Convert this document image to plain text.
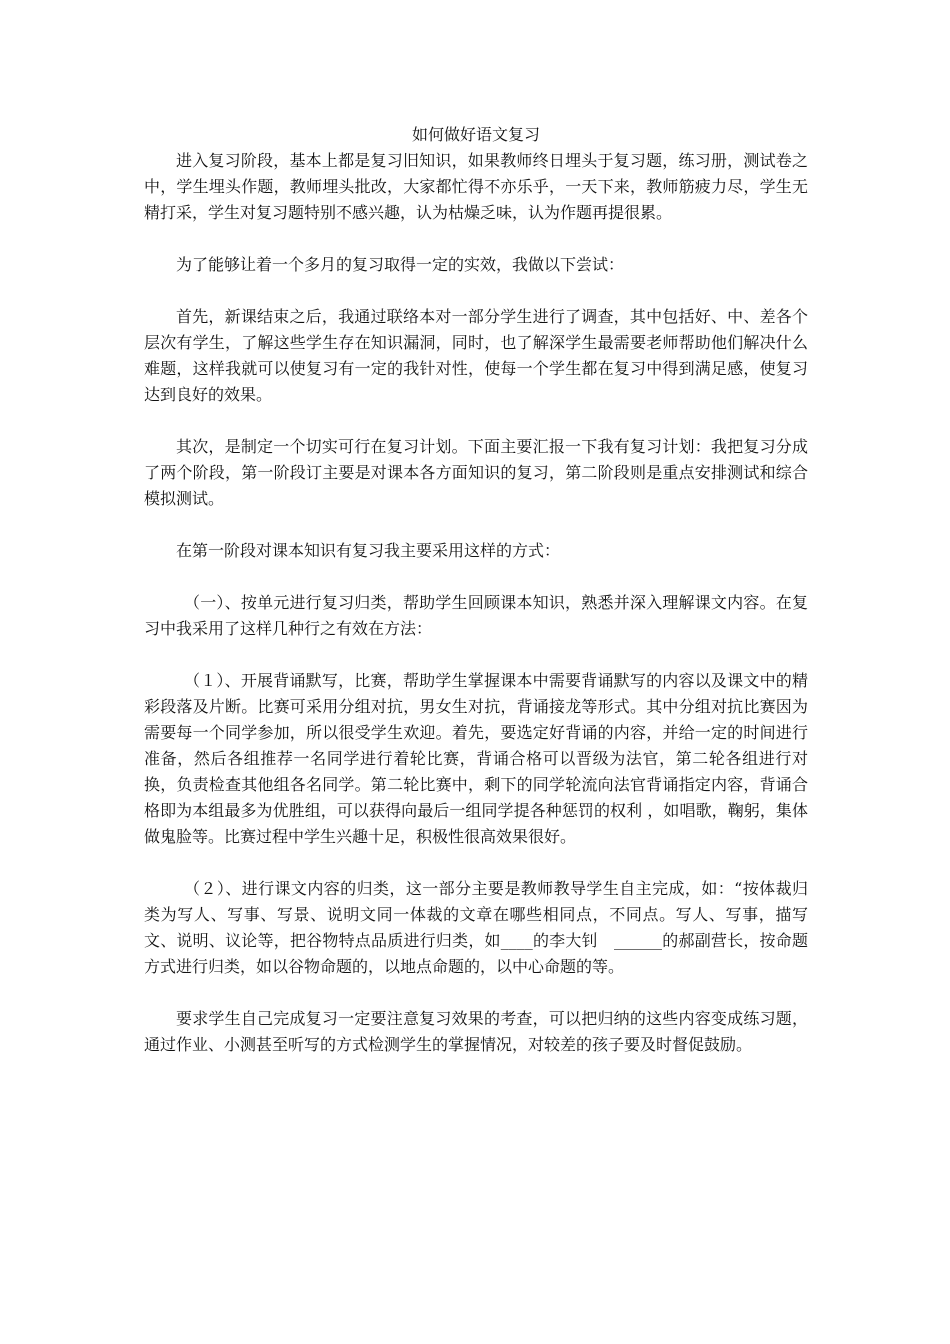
如何做好语文复习

进入复习阶段，基本上都是复习旧知识，如果教师终日埋头于复习题，练习册，测试卷之中，学生埋头作题，教师埋头批改，大家都忙得不亦乐乎，一天下来，教师筋疲力尽，学生无精打采，学生对复习题特别不感兴趣，认为枯燥乏味，认为作题再提很累。

为了能够让着一个多月的复习取得一定的实效，我做以下尝试：

首先，新课结束之后，我通过联络本对一部分学生进行了调查，其中包括好、中、差各个层次有学生，了解这些学生存在知识漏洞，同时，也了解深学生最需要老师帮助他们解决什么难题，这样我就可以使复习有一定的我针对性，使每一个学生都在复习中得到满足感，使复习达到良好的效果。

其次，是制定一个切实可行在复习计划。下面主要汇报一下我有复习计划：我把复习分成了两个阶段，第一阶段订主要是对课本各方面知识的复习，第二阶段则是重点安排测试和综合模拟测试。

在第一阶段对课本知识有复习我主要采用这样的方式：

（一）、按单元进行复习归类，帮助学生回顾课本知识，熟悉并深入理解课文内容。在复习中我采用了这样几种行之有效在方法：

（１）、开展背诵默写，比赛，帮助学生掌握课本中需要背诵默写的内容以及课文中的精彩段落及片断。比赛可采用分组对抗，男女生对抗，背诵接龙等形式。其中分组对抗比赛因为需要每一个同学参加，所以很受学生欢迎。着先，要选定好背诵的内容，并给一定的时间进行准备，然后各组推荐一名同学进行着轮比赛，背诵合格可以晋级为法官，第二轮各组进行对换，负责检查其他组各名同学。第二轮比赛中，剩下的同学轮流向法官背诵指定内容，背诵合格即为本组最多为优胜组，可以获得向最后一组同学提各种惩罚的权利 ，如唱歌，鞠躬，集体做鬼脸等。比赛过程中学生兴趣十足，积极性很高效果很好。

（２）、进行课文内容的归类，这一部分主要是教师教导学生自主完成，如：“按体裁归类为写人、写事、写景、说明文同一体裁的文章在哪些相同点，不同点。写人、写事，描写文、说明、议论等，把谷物特点品质进行归类，如____的李大钊　______的郝副营长，按命题方式进行归类，如以谷物命题的，以地点命题的，以中心命题的等。

要求学生自己完成复习一定要注意复习效果的考查，可以把归纳的这些内容变成练习题，通过作业、小测甚至听写的方式检测学生的掌握情况，对较差的孩子要及时督促鼓励。
